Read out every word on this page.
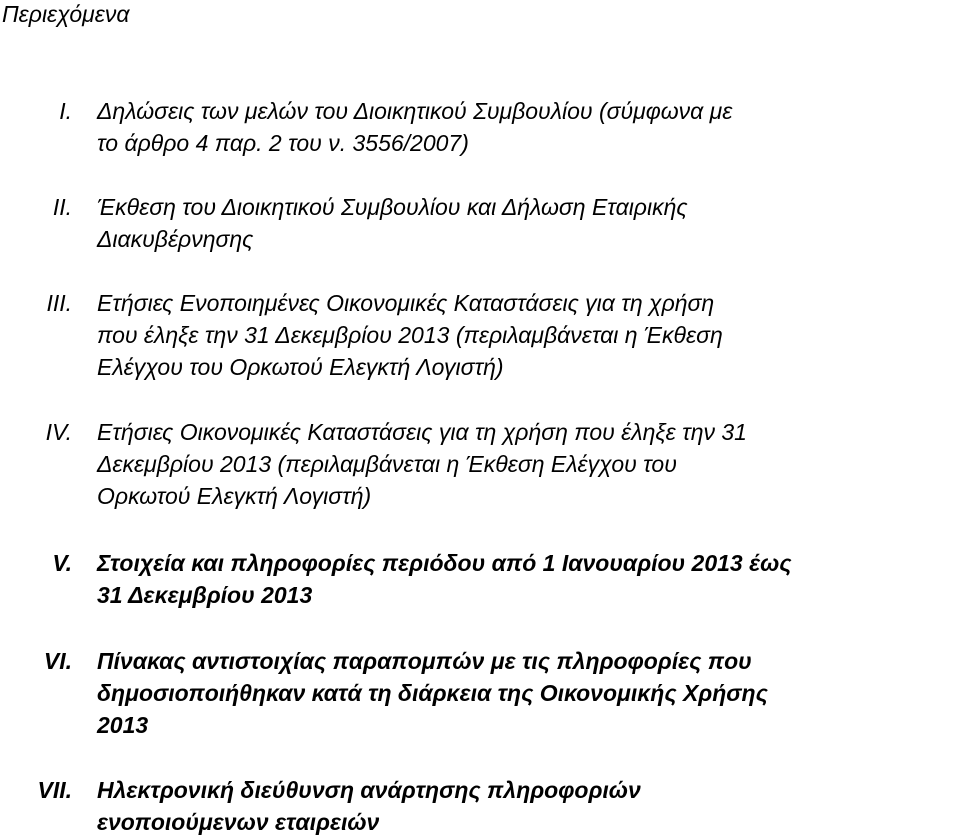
Περιεχόμενα
I. Δηλώσεις των μελών του Διοικητικού Συμβουλίου (σύμφωνα με
το άρθρο 4 παρ. 2 του ν. 3556/2007)
II. Έκθεση του Διοικητικού Συμβουλίου και Δήλωση Εταιρικής
Διακυβέρνησης
III. Ετήσιες Ενοποιημένες Οικονομικές Καταστάσεις για τη χρήση
που έληξε την 31 Δεκεμβρίου 2013 (περιλαμβάνεται η Έκθεση
Ελέγχου του Ορκωτού Ελεγκτή Λογιστή)
IV. Ετήσιες Οικονομικές Καταστάσεις για τη χρήση που έληξε την 31
Δεκεμβρίου 2013 (περιλαμβάνεται η Έκθεση Ελέγχου του
Ορκωτού Ελεγκτή Λογιστή)
V. Στοιχεία και πληροφορίες περιόδου από 1 Ιανουαρίου 2013 έως
31 Δεκεμβρίου 2013
VI. Πίνακας αντιστοιχίας παραπομπών με τις πληροφορίες που
δημοσιοποιήθηκαν κατά τη διάρκεια της Οικονομικής Χρήσης
2013
VII. Ηλεκτρονική διεύθυνση ανάρτησης πληροφοριών
ενοποιούμενων εταιρειών
